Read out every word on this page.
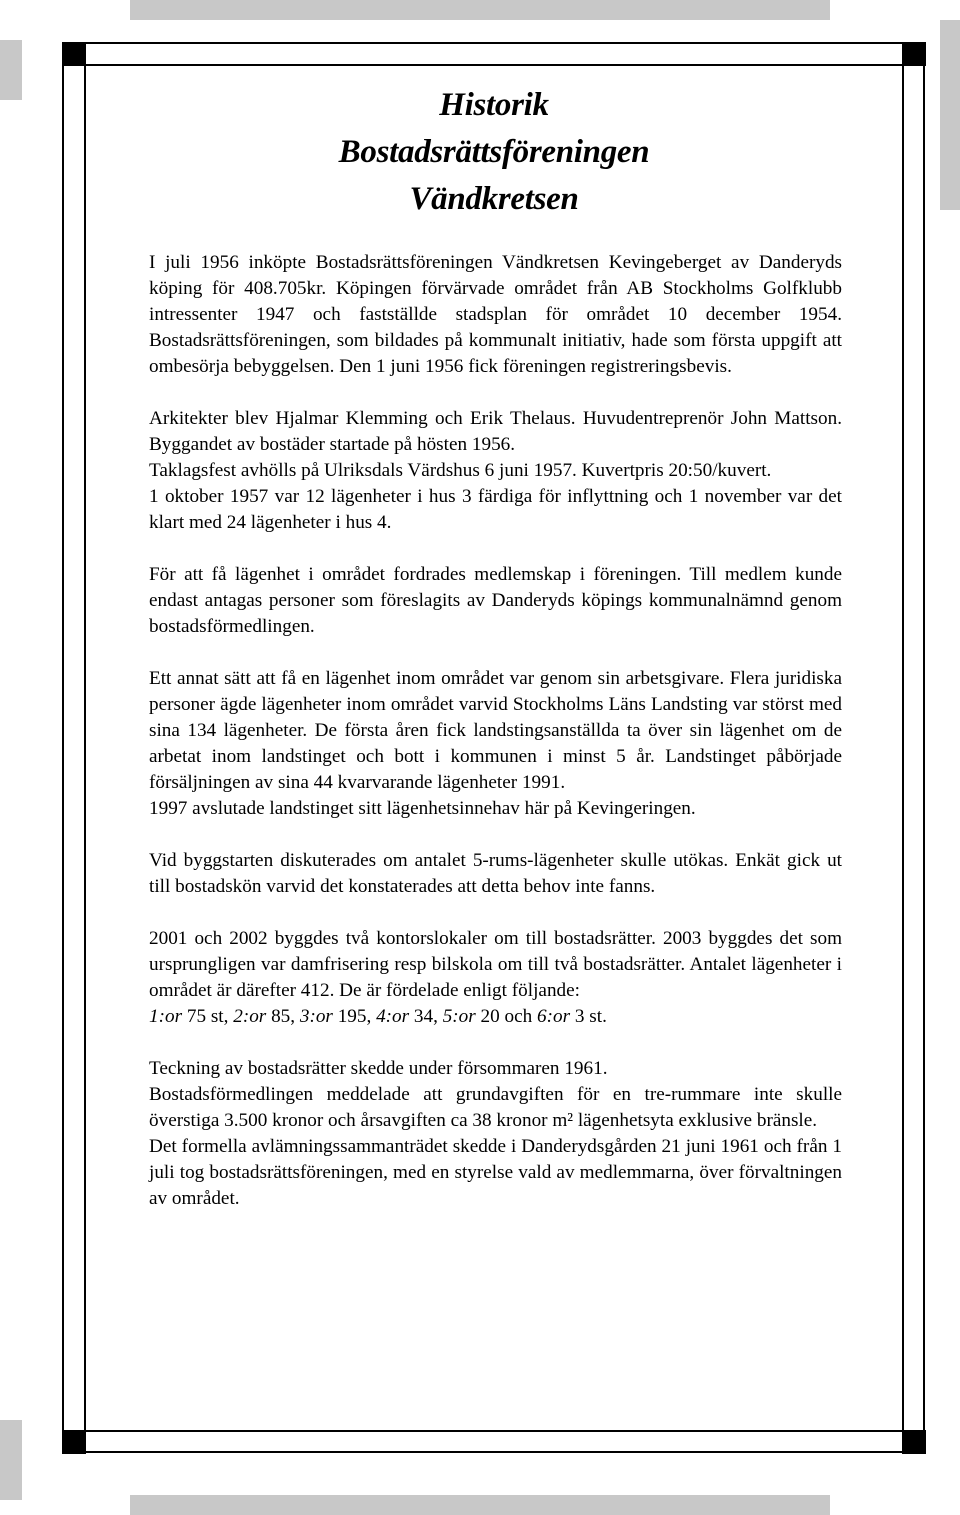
Historik
Bostadsrättsföreningen
Vändkretsen

I juli 1956 inköpte Bostadsrättsföreningen Vändkretsen Kevingeberget av Danderyds köping för 408.705kr. Köpingen förvärvade området från AB Stockholms Golfklubb intressenter 1947 och fastställde stadsplan för området 10 december 1954. Bostadsrättsföreningen, som bildades på kommunalt initiativ, hade som första uppgift att ombesörja bebyggelsen. Den 1 juni 1956 fick föreningen registreringsbevis.

Arkitekter blev Hjalmar Klemming och Erik Thelaus. Huvudentreprenör John Mattson. Byggandet av bostäder startade på hösten 1956.

Taklagsfest avhölls på Ulriksdals Värdshus 6 juni 1957. Kuvertpris 20:50/kuvert.

1 oktober 1957 var 12 lägenheter i hus 3 färdiga för inflyttning och 1 november var det klart med 24 lägenheter i hus 4.

För att få lägenhet i området fordrades medlemskap i föreningen. Till medlem kunde endast antagas personer som föreslagits av Danderyds köpings kommunalnämnd genom bostadsförmedlingen.

Ett annat sätt att få en lägenhet inom området var genom sin arbetsgivare. Flera juridiska personer ägde lägenheter inom området varvid Stockholms Läns Landsting var störst med sina 134 lägenheter. De första åren fick landstingsanställda ta över sin lägenhet om de arbetat inom landstinget och bott i kommunen i minst 5 år. Landstinget påbörjade försäljningen av sina 44 kvarvarande lägenheter 1991.

1997 avslutade landstinget sitt lägenhetsinnehav här på Kevingeringen.

Vid byggstarten diskuterades om antalet 5-rums-lägenheter skulle utökas. Enkät gick ut till bostadskön varvid det konstaterades att detta behov inte fanns.

2001 och 2002 byggdes två kontorslokaler om till bostadsrätter. 2003 byggdes det som ursprungligen var damfrisering resp bilskola om till två bostadsrätter. Antalet lägenheter i området är därefter 412. De är fördelade enligt följande:

1:or 75 st, 2:or 85, 3:or 195, 4:or 34, 5:or 20 och 6:or 3 st.

Teckning av bostadsrätter skedde under försommaren 1961.

Bostadsförmedlingen meddelade att grundavgiften för en tre-rummare inte skulle överstiga 3.500 kronor och årsavgiften ca 38 kronor m² lägenhetsyta exklusive bränsle.

Det formella avlämningssammanträdet skedde i Danderydsgården 21 juni 1961 och från 1 juli tog bostadsrättsföreningen, med en styrelse vald av medlemmarna, över förvaltningen av området.
